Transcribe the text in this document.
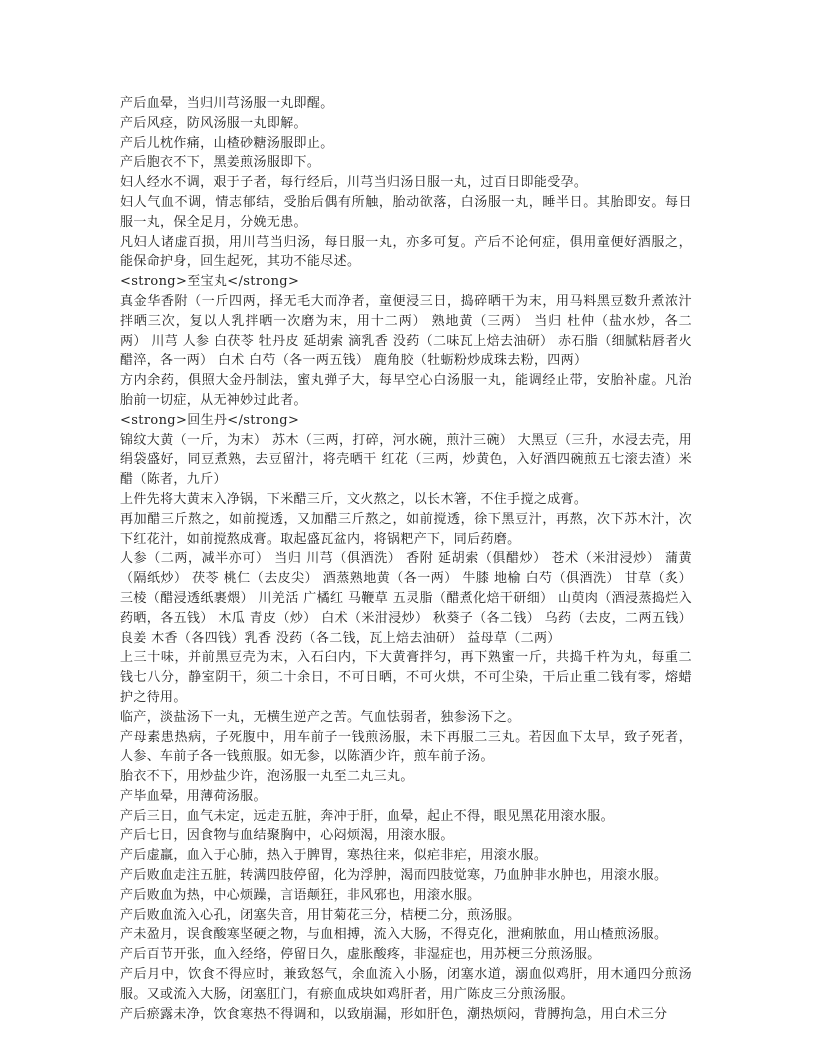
产后血晕，当归川芎汤服一丸即醒。

产后风痉，防风汤服一丸即解。

产后儿枕作痛，山楂砂糖汤服即止。

产后胞衣不下，黑姜煎汤服即下。

妇人经水不调，艰于子者，每行经后，川芎当归汤日服一丸，过百日即能受孕。

妇人气血不调，情志郁结，受胎后偶有所触，胎动欲落，白汤服一丸，睡半日。其胎即安。每日服一丸，保全足月，分娩无患。

凡妇人诸虚百损，用川芎当归汤，每日服一丸，亦多可复。产后不论何症，俱用童便好酒服之，能保命护身，回生起死，其功不能尽述。

<strong>至宝丸</strong>

真金华香附（一斤四两，择无毛大而净者，童便浸三日，捣碎晒干为末，用马料黑豆数升煮浓汁拌晒三次，复以人乳拌晒一次磨为末，用十二两） 熟地黄（三两） 当归 杜仲（盐水炒，各二两） 川芎 人参 白茯苓 牡丹皮 延胡索 滴乳香 没药（二味瓦上焙去油研） 赤石脂（细腻粘唇者火 醋淬，各一两） 白术 白芍（各一两五钱） 鹿角胶（牡蛎粉炒成珠去粉，四两）

方内余药，俱照大金丹制法，蜜丸弹子大，每早空心白汤服一丸，能调经止带，安胎补虚。凡治胎前一切症，从无神妙过此者。

<strong>回生丹</strong>

锦纹大黄（一斤，为末） 苏木（三两，打碎，河水碗，煎汁三碗） 大黑豆（三升，水浸去壳，用绢袋盛好，同豆煮熟，去豆留汁，将壳晒干 红花（三两，炒黄色，入好酒四碗煎五七滚去渣）米醋（陈者，九斤）

上件先将大黄末入净锅，下米醋三斤，文火熬之，以长木箸，不住手搅之成膏。

再加醋三斤熬之，如前搅透，又加醋三斤熬之，如前搅透，徐下黑豆汁，再熬，次下苏木汁，次下红花汁，如前搅熬成膏。取起盛瓦盆内，将锅粑产下，同后药磨。

人参（二两，减半亦可） 当归 川芎（俱酒洗） 香附 延胡索（俱醋炒） 苍术（米泔浸炒） 蒲黄（隔纸炒） 茯苓 桃仁（去皮尖） 酒蒸熟地黄（各一两） 牛膝 地榆 白芍（俱酒洗） 甘草（炙） 三棱（醋浸透纸裹煨） 川羌活 广橘红 马鞭草 五灵脂（醋煮化焙干研细） 山萸肉（酒浸蒸捣烂入药晒，各五钱） 木瓜 青皮（炒） 白术（米泔浸炒） 秋葵子（各二钱） 乌药（去皮，二两五钱） 良姜 木香（各四钱）乳香 没药（各二钱，瓦上焙去油研） 益母草（二两）

上三十味，并前黑豆壳为末，入石臼内，下大黄膏拌匀，再下熟蜜一斤，共捣千杵为丸，每重二钱七八分，静室阴干，须二十余日，不可日晒，不可火烘，不可尘染，干后止重二钱有零，熔蜡护之待用。

临产，淡盐汤下一丸，无横生逆产之苦。气血怯弱者，独参汤下之。

产母素患热病，子死腹中，用车前子一钱煎汤服，未下再服二三丸。若因血下太早，致子死者，人参、车前子各一钱煎服。如无参，以陈酒少许，煎车前子汤。

胎衣不下，用炒盐少许，泡汤服一丸至二丸三丸。

产毕血晕，用薄荷汤服。

产后三日，血气未定，远走五脏，奔冲于肝，血晕，起止不得，眼见黑花用滚水服。

产后七日，因食物与血结聚胸中，心闷烦渴，用滚水服。

产后虚羸，血入于心肺，热入于脾胃，寒热往来，似疟非疟，用滚水服。

产后败血走注五脏，转满四肢停留，化为浮肿，渴而四肢觉寒，乃血肿非水肿也，用滚水服。

产后败血为热，中心烦躁，言语颠狂，非风邪也，用滚水服。

产后败血流入心孔，闭塞失音，用甘菊花三分，桔梗二分，煎汤服。

产未盈月，误食酸寒坚硬之物，与血相搏，流入大肠，不得克化，泄痢脓血，用山楂煎汤服。

产后百节开张，血入经络，停留日久，虚胀酸疼，非湿症也，用苏梗三分煎汤服。

产后月中，饮食不得应时，兼致怒气，余血流入小肠，闭塞水道，溺血似鸡肝，用木通四分煎汤服。又或流入大肠，闭塞肛门，有瘀血成块如鸡肝者，用广陈皮三分煎汤服。

产后瘀露未净，饮食寒热不得调和，以致崩漏，形如肝色，潮热烦闷，背膊拘急，用白术三分
